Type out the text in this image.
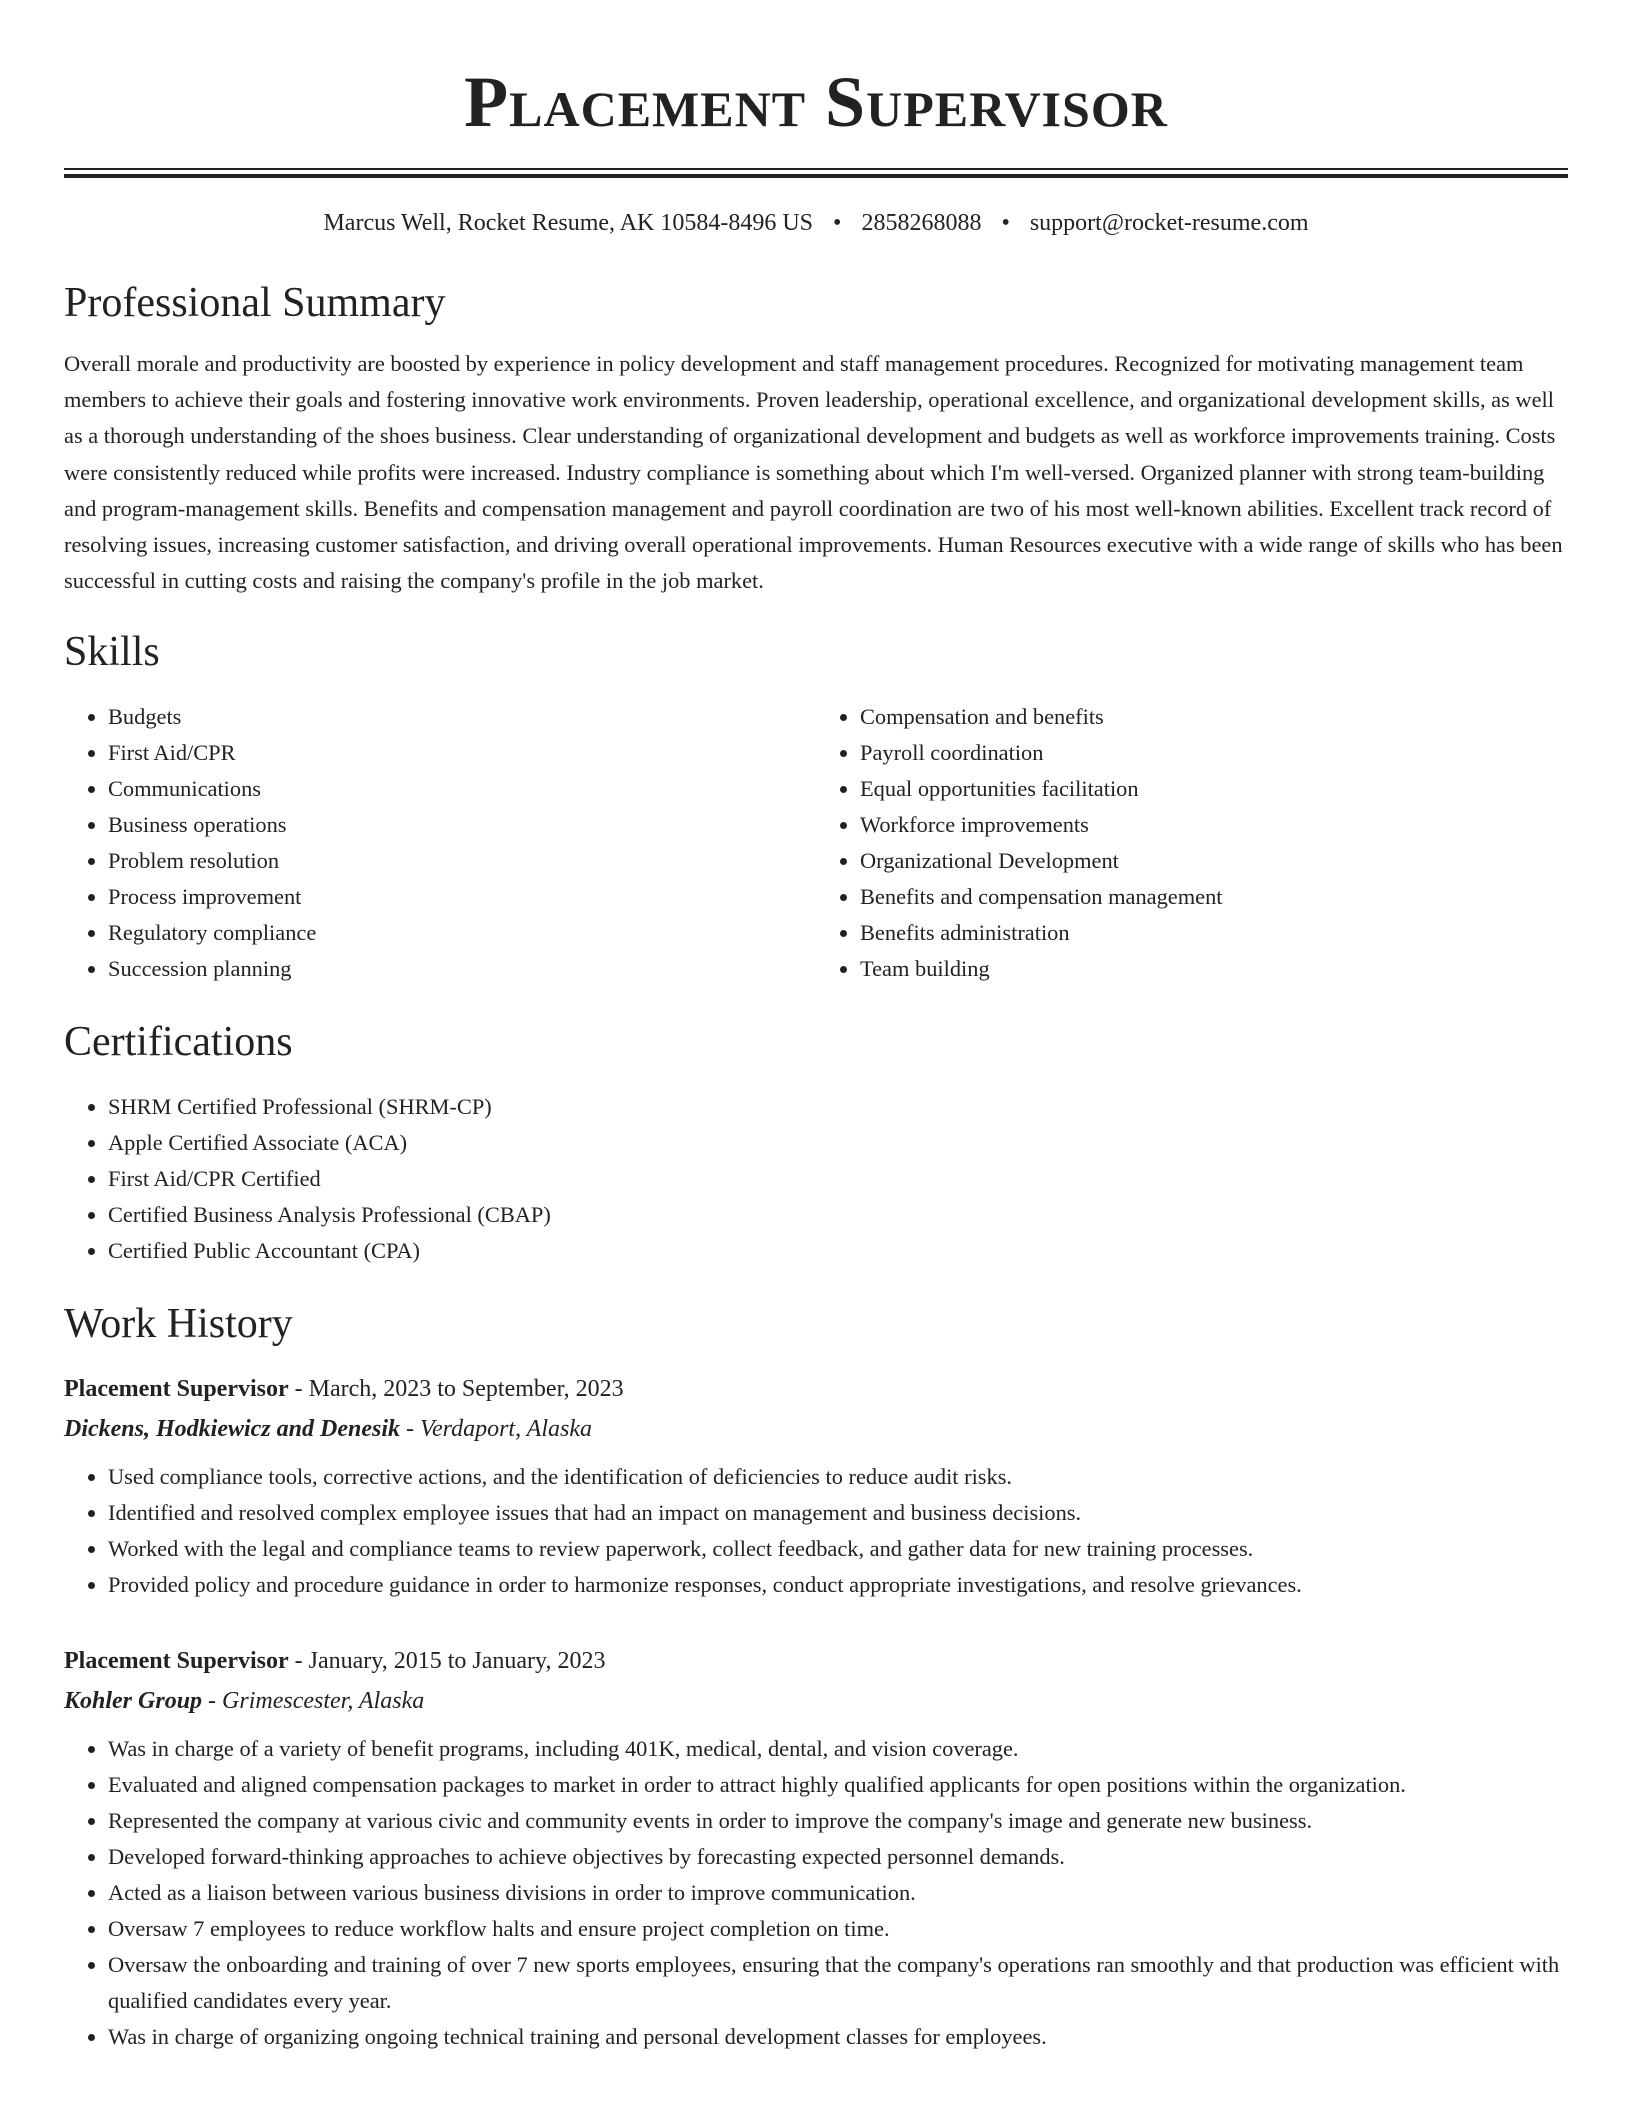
Placement Supervisor
Marcus Well, Rocket Resume, AK 10584-8496 US • 2858268088 • support@rocket-resume.com
Professional Summary

Overall morale and productivity are boosted by experience in policy development and staff management procedures. Recognized for motivating management team members to achieve their goals and fostering innovative work environments. Proven leadership, operational excellence, and organizational development skills, as well as a thorough understanding of the shoes business. Clear understanding of organizational development and budgets as well as workforce improvements training. Costs were consistently reduced while profits were increased. Industry compliance is something about which I'm well-versed. Organized planner with strong team-building and program-management skills. Benefits and compensation management and payroll coordination are two of his most well-known abilities. Excellent track record of resolving issues, increasing customer satisfaction, and driving overall operational improvements. Human Resources executive with a wide range of skills who has been successful in cutting costs and raising the company's profile in the job market.

Skills
• Budgets
• First Aid/CPR
• Communications
• Business operations
• Problem resolution
• Process improvement
• Regulatory compliance
• Succession planning
• Compensation and benefits
• Payroll coordination
• Equal opportunities facilitation
• Workforce improvements
• Organizational Development
• Benefits and compensation management
• Benefits administration
• Team building
Certifications
• SHRM Certified Professional (SHRM-CP)
• Apple Certified Associate (ACA)
• First Aid/CPR Certified
• Certified Business Analysis Professional (CBAP)
• Certified Public Accountant (CPA)
Work History
Placement Supervisor - March, 2023 to September, 2023
Dickens, Hodkiewicz and Denesik - Verdaport, Alaska
• Used compliance tools, corrective actions, and the identification of deficiencies to reduce audit risks.
• Identified and resolved complex employee issues that had an impact on management and business decisions.
• Worked with the legal and compliance teams to review paperwork, collect feedback, and gather data for new training processes.
• Provided policy and procedure guidance in order to harmonize responses, conduct appropriate investigations, and resolve grievances.
Placement Supervisor - January, 2015 to January, 2023
Kohler Group - Grimescester, Alaska
• Was in charge of a variety of benefit programs, including 401K, medical, dental, and vision coverage.
• Evaluated and aligned compensation packages to market in order to attract highly qualified applicants for open positions within the organization.
• Represented the company at various civic and community events in order to improve the company's image and generate new business.
• Developed forward-thinking approaches to achieve objectives by forecasting expected personnel demands.
• Acted as a liaison between various business divisions in order to improve communication.
• Oversaw 7 employees to reduce workflow halts and ensure project completion on time.
• Oversaw the onboarding and training of over 7 new sports employees, ensuring that the company's operations ran smoothly and that production was efficient with qualified candidates every year.
• Was in charge of organizing ongoing technical training and personal development classes for employees.
